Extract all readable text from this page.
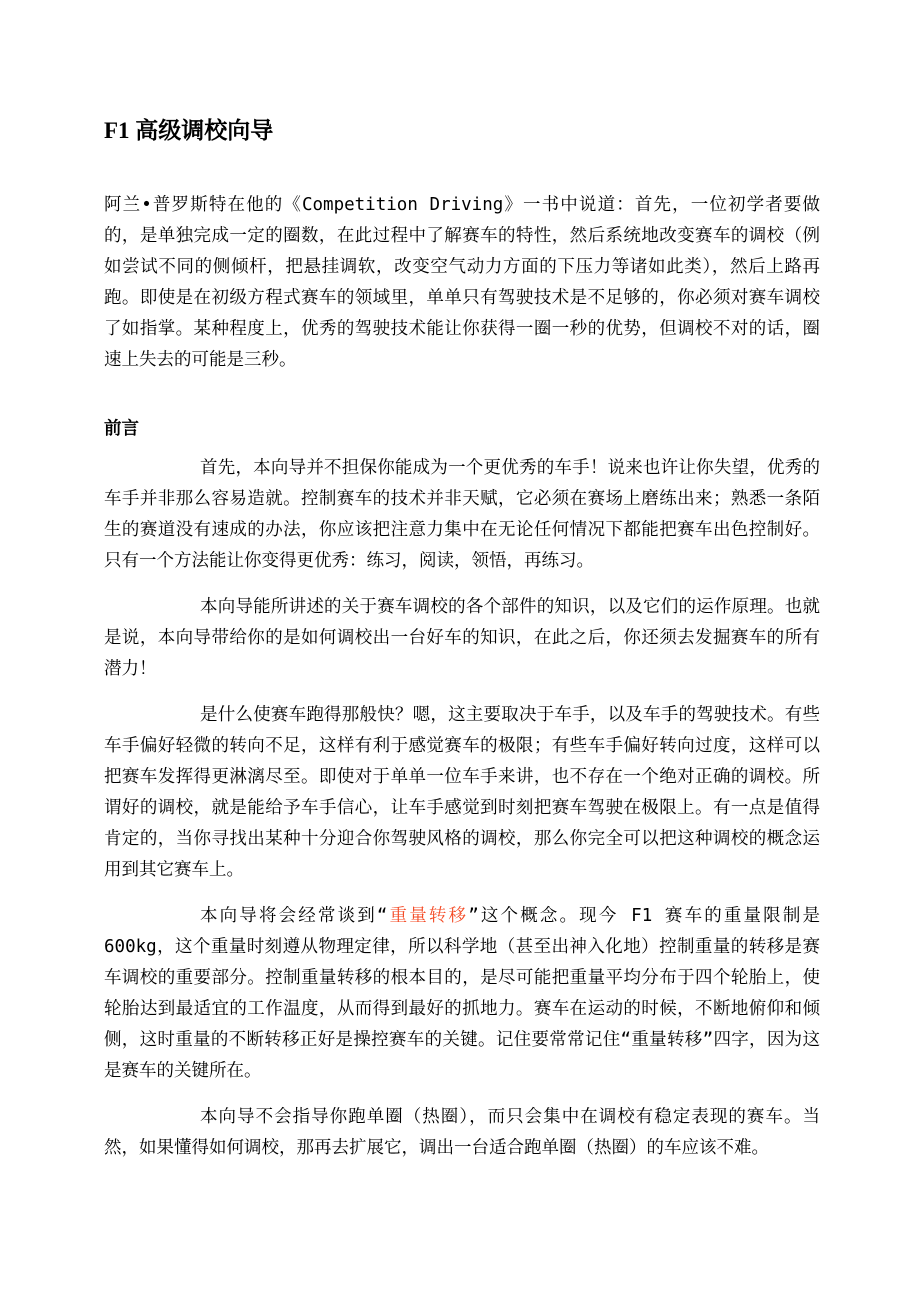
F1 高级调校向导

阿兰•普罗斯特在他的《Competition Driving》一书中说道：首先，一位初学者要做的，是单独完成一定的圈数，在此过程中了解赛车的特性，然后系统地改变赛车的调校（例如尝试不同的侧倾杆，把悬挂调软，改变空气动力方面的下压力等诸如此类），然后上路再跑。即使是在初级方程式赛车的领域里，单单只有驾驶技术是不足够的，你必须对赛车调校了如指掌。某种程度上，优秀的驾驶技术能让你获得一圈一秒的优势，但调校不对的话，圈速上失去的可能是三秒。

前言

首先，本向导并不担保你能成为一个更优秀的车手！说来也许让你失望，优秀的车手并非那么容易造就。控制赛车的技术并非天赋，它必须在赛场上磨练出来；熟悉一条陌生的赛道没有速成的办法，你应该把注意力集中在无论任何情况下都能把赛车出色控制好。只有一个方法能让你变得更优秀：练习，阅读，领悟，再练习。

本向导能所讲述的关于赛车调校的各个部件的知识，以及它们的运作原理。也就是说，本向导带给你的是如何调校出一台好车的知识，在此之后，你还须去发掘赛车的所有潜力！

是什么使赛车跑得那般快？嗯，这主要取决于车手，以及车手的驾驶技术。有些车手偏好轻微的转向不足，这样有利于感觉赛车的极限；有些车手偏好转向过度，这样可以把赛车发挥得更淋漓尽至。即使对于单单一位车手来讲，也不存在一个绝对正确的调校。所谓好的调校，就是能给予车手信心，让车手感觉到时刻把赛车驾驶在极限上。有一点是值得肯定的，当你寻找出某种十分迎合你驾驶风格的调校，那么你完全可以把这种调校的概念运用到其它赛车上。

本向导将会经常谈到“重量转移”这个概念。现今 F1 赛车的重量限制是 600kg，这个重量时刻遵从物理定律，所以科学地（甚至出神入化地）控制重量的转移是赛车调校的重要部分。控制重量转移的根本目的，是尽可能把重量平均分布于四个轮胎上，使轮胎达到最适宜的工作温度，从而得到最好的抓地力。赛车在运动的时候，不断地俯仰和倾侧，这时重量的不断转移正好是操控赛车的关键。记住要常常记住“重量转移”四字，因为这是赛车的关键所在。

本向导不会指导你跑单圈（热圈），而只会集中在调校有稳定表现的赛车。当然，如果懂得如何调校，那再去扩展它，调出一台适合跑单圈（热圈）的车应该不难。
